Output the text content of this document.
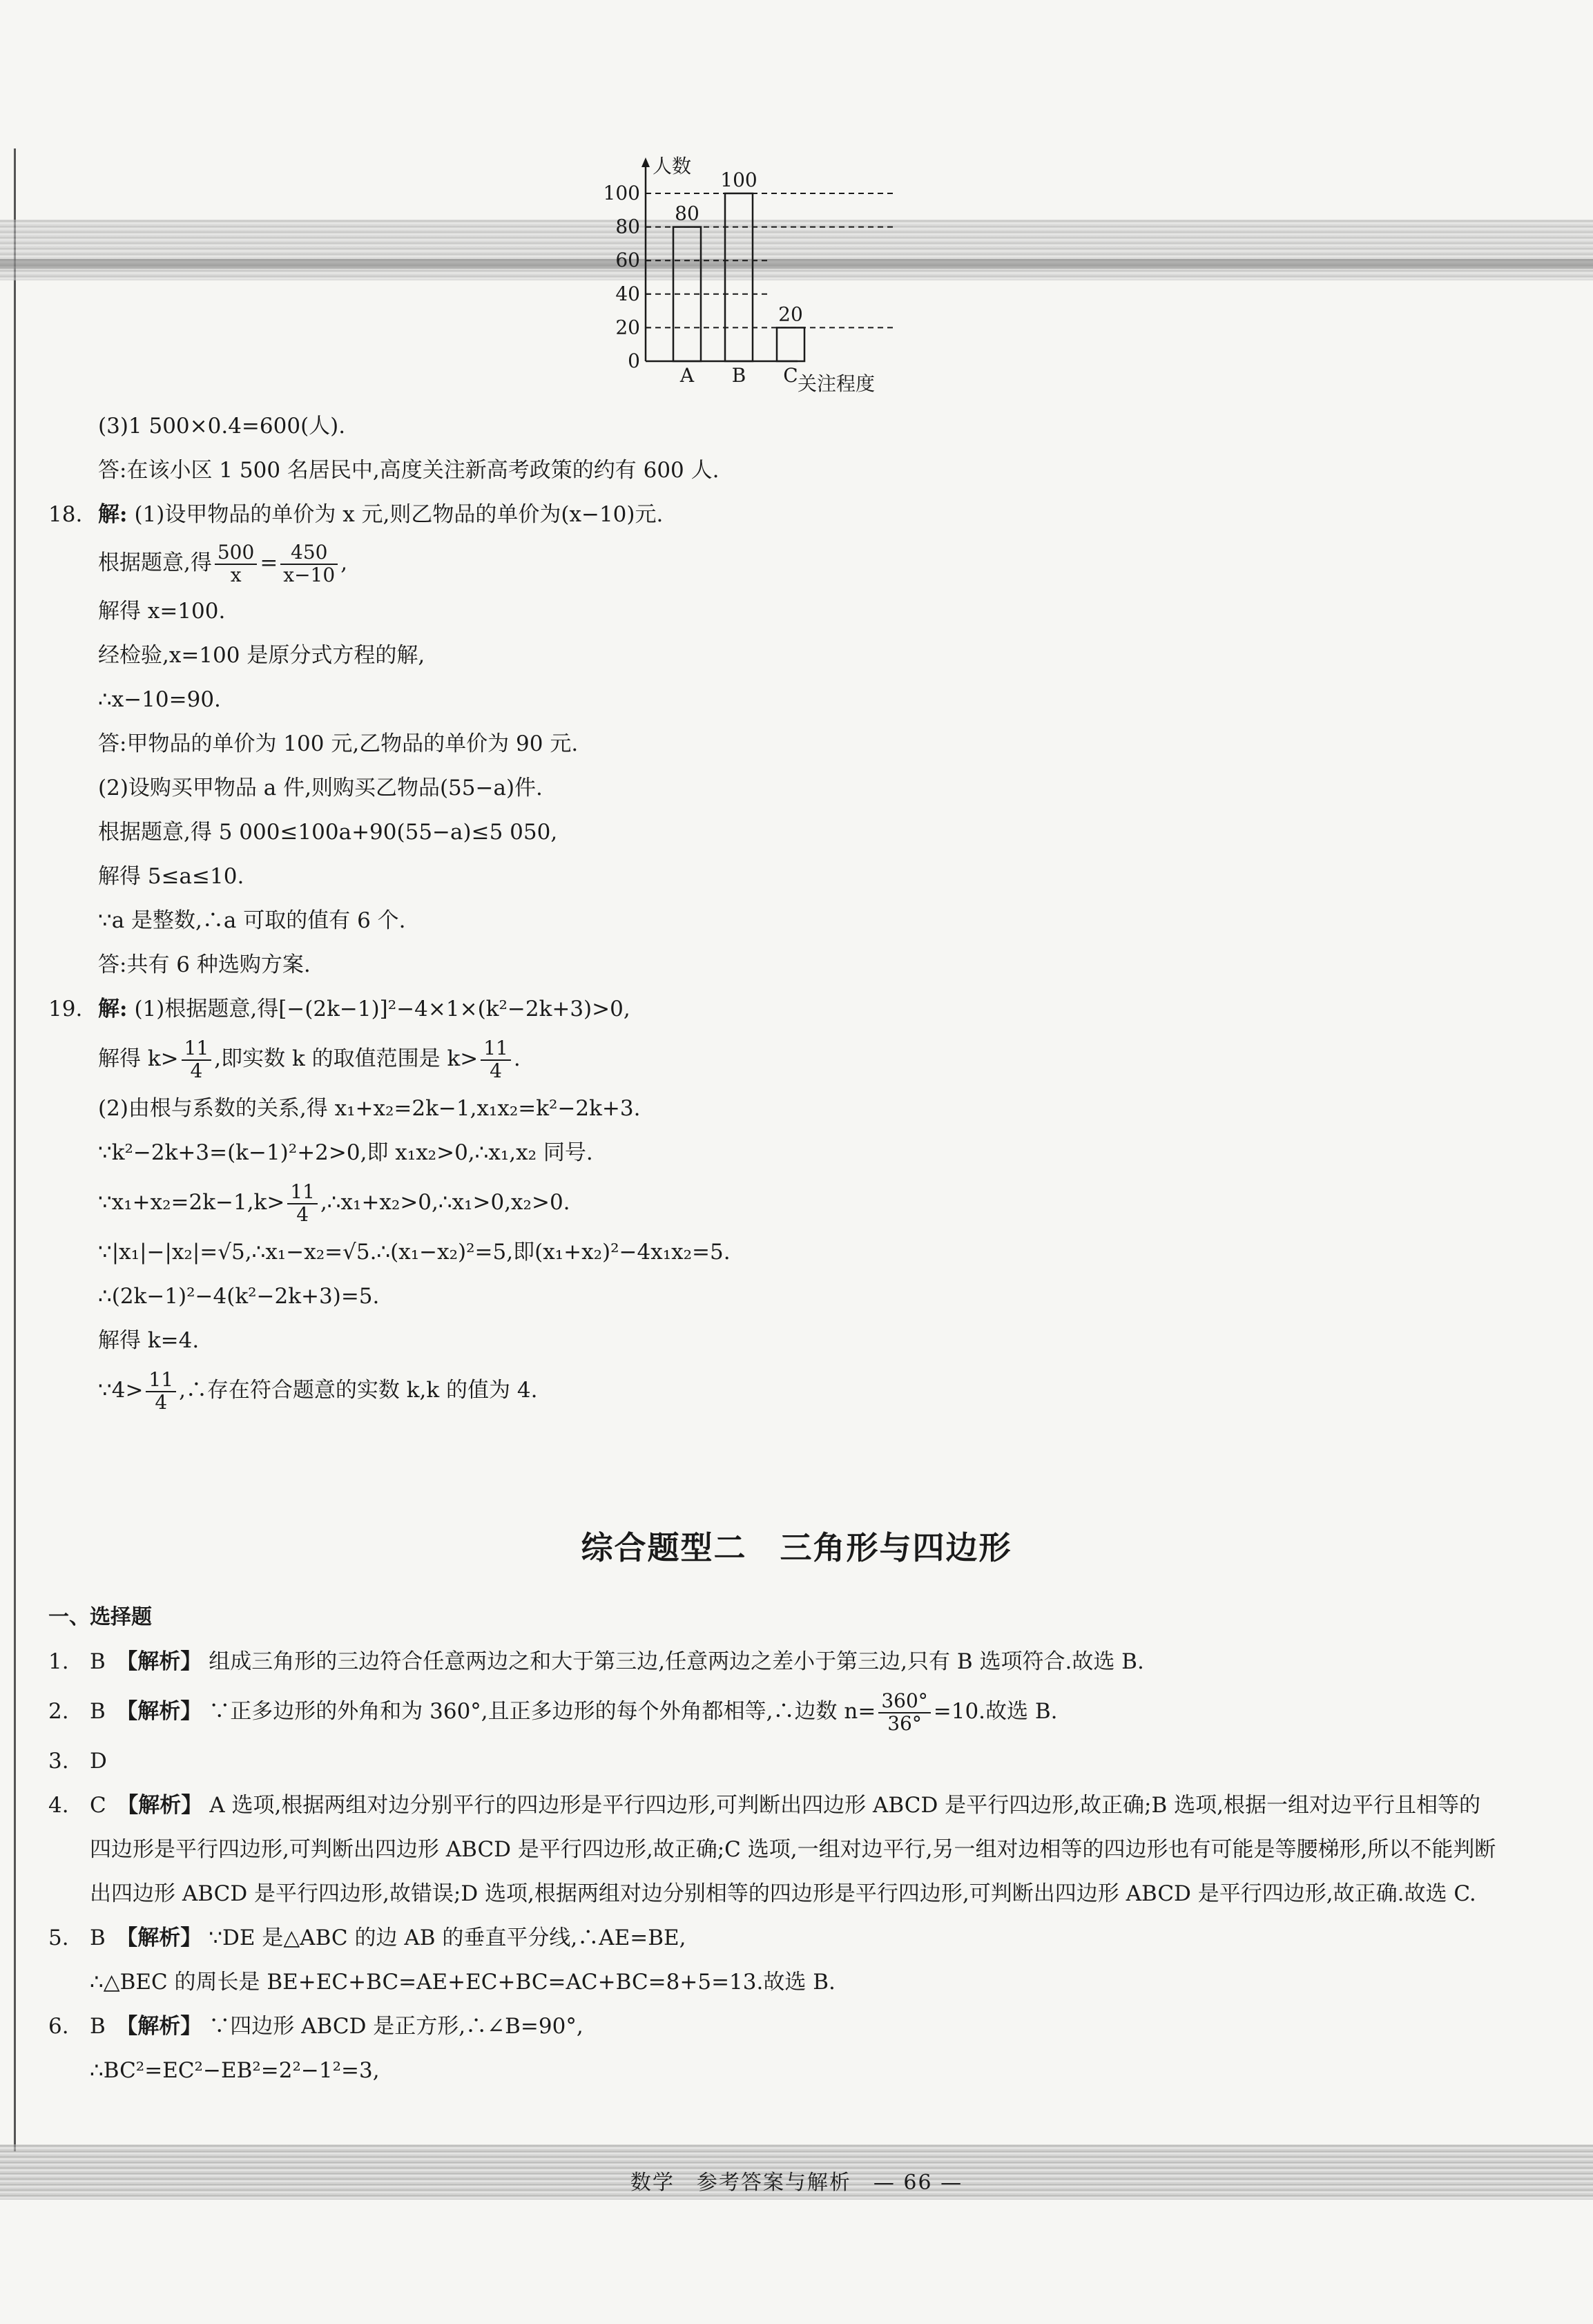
人数
关注程度
0
20
40
60
80
100
80
A
100
B
20
C
(3)1 500×0.4=600(人).
答:在该小区 1 500 名居民中,高度关注新高考政策的约有 600 人.
18. 解: (1)设甲物品的单价为 x 元,则乙物品的单价为(x−10)元.
根据题意,得 $\frac{500}{x} = \frac{450}{x-10}$ ,
解得 x=100.
经检验,x=100 是原分式方程的解,
∴x−10=90.
答:甲物品的单价为 100 元,乙物品的单价为 90 元.
(2)设购买甲物品 a 件,则购买乙物品(55−a)件.
根据题意,得 5 000≤100a+90(55−a)≤5 050,
解得 5≤a≤10.
∵a 是整数,∴a 可取的值有 6 个.
答:共有 6 种选购方案.
19. 解: (1)根据题意,得[−(2k−1)]²−4×1×(k²−2k+3)>0,
解得 $k> \frac{11}{4}$ ,即实数 k 的取值范围是 $k> \frac{11}{4}$ .
(2)由根与系数的关系,得 x₁+x₂=2k−1,x₁x₂=k²−2k+3.
∵k²−2k+3=(k−1)²+2>0,即 x₁x₂>0,∴x₁,x₂ 同号.
∵x₁+x₂=2k−1,k> $\frac{11}{4}$ ,∴x₁+x₂>0,∴x₁>0,x₂>0.
∵|x₁|−|x₂|=√5,∴x₁−x₂=√5.∴(x₁−x₂)²=5,即(x₁+x₂)²−4x₁x₂=5.
∴(2k−1)²−4(k²−2k+3)=5.
解得 k=4.
∵4> $\frac{11}{4}$ ,∴存在符合题意的实数 k,k 的值为 4.
综合题型二　三角形与四边形
一、选择题
1. B　 【解析】 组成三角形的三边符合任意两边之和大于第三边,任意两边之差小于第三边,只有 B 选项符合.故选 B.
2. B　 【解析】 ∵正多边形的外角和为 360°,且正多边形的每个外角都相等,∴边数 $n= \frac{360^\circ}{36^\circ} =10$.故选 B.
3. D
4. C　 【解析】 A 选项,根据两组对边分别平行的四边形是平行四边形,可判断出四边形 ABCD 是平行四边形,故正确;B 选项,根据一组对边平行且相等的四边形是平行四边形,可判断出四边形 ABCD 是平行四边形,故正确;C 选项,一组对边平行,另一组对边相等的四边形也有可能是等腰梯形,所以不能判断出四边形 ABCD 是平行四边形,故错误;D 选项,根据两组对边分别相等的四边形是平行四边形,可判断出四边形 ABCD 是平行四边形,故正确.故选 C.
5. B　 【解析】 ∵DE 是△ABC 的边 AB 的垂直平分线,∴AE=BE,
∴△BEC 的周长是 BE+EC+BC=AE+EC+BC=AC+BC=8+5=13.故选 B.
6. B　 【解析】 ∵四边形 ABCD 是正方形,∴∠B=90°,
∴BC²=EC²−EB²=2²−1²=3,
数学　参考答案与解析　— 66 —
